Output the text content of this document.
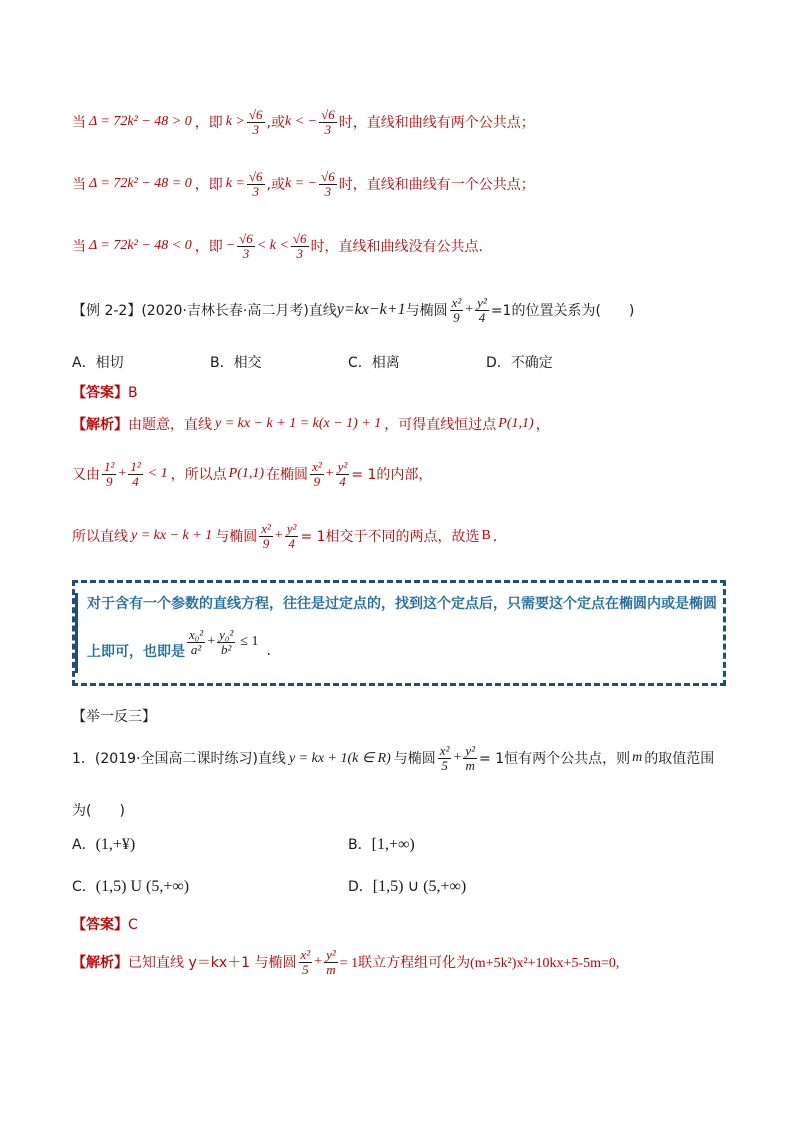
当 Δ = 72k² − 48 > 0 ，即 $k > \frac{√6}{3}$ ,或 k < − $\frac{√6}{3}$ 时，直线和曲线有两个公共点；
当 Δ = 72k² − 48 = 0 ，即 $k = \frac{√6}{3}$ ,或 k = − $\frac{√6}{3}$ 时，直线和曲线有一个公共点；
当 Δ = 72k² − 48 < 0 ，即 − $\frac{√6}{3} < k < \frac{√6}{3}$ 时，直线和曲线没有公共点．
【例 2-2】 (2020·吉林长春·高二月考)直线 y=kx−k+1 与椭圆 $\frac{\text{x²}}{9} + \frac{\text{y²}}{4} =1$的位置关系为(　　)
A．相切	B．相交	C．相离	D．不确定
【答案】B
【解析】 由题意，直线 y = kx − k + 1 = k(x − 1) + 1 ，可得直线恒过点 P(1,1) ，
又由 $\frac{\text{1²}}{9} + \frac{\text{1²}}{4} < 1$ ，所以点 P(1,1) 在椭圆 $\frac{\text{x²}}{9} + \frac{\text{y²}}{4} = 1$的内部，
所以直线 y = kx − k + 1 与椭圆 $\frac{\text{x²}}{9} + \frac{\text{y²}}{4} = 1$相交于不同的两点，故选 B ．
对于含有一个参数的直线方程，往往是过定点的，找到这个定点后，只需要这个定点在椭圆内或是椭圆
上即可，也即是 $\frac{\text{x₀²}}{\text{a²}} + \frac{\text{y₀²}}{\text{b²}} \le 1$
.
【举一反三】
1． (2019·全国高二课时练习)直线 y = kx + 1(k ∈ R) 与椭圆 $\frac{\text{x²}}{5} + \frac{\text{y²}}{m} = 1$恒有两个公共点，则 m 的取值范围
为(　　)
A．(1,+¥)	B．[1,+∞)
C．(1,5) U (5,+∞)	D．[1,5) ∪ (5,+∞)
【答案】C
【解析】 已知直线 y＝kx＋1 与椭圆 $\frac{\text{x²}}{5} + \frac{\text{y²}}{m} = 1$联立方程组可化为(m+5k²)x²+10kx+5-5m=0,
